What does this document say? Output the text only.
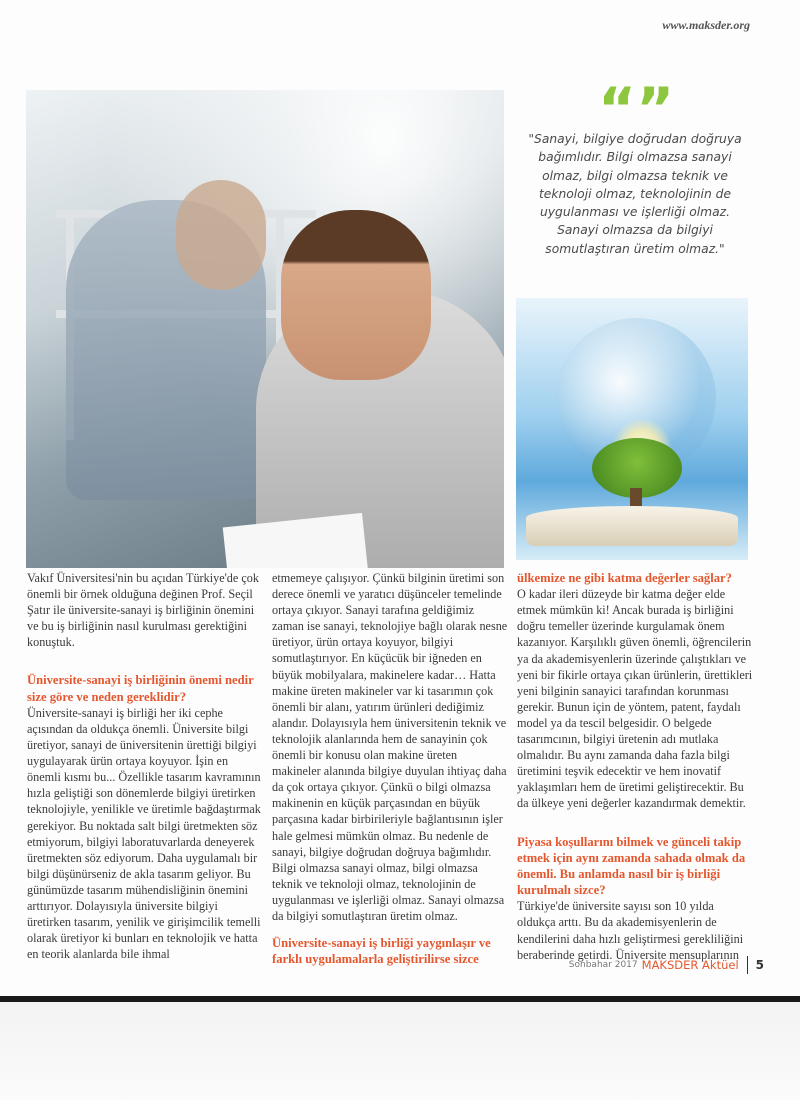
www.maksder.org
“”
"Sanayi, bilgiye doğrudan doğruya bağımlıdır. Bilgi olmazsa sanayi olmaz, bilgi olmazsa teknik ve teknoloji olmaz, teknolojinin de uygulanması ve işlerliği olmaz. Sanayi olmazsa da bilgiyi somutlaştıran üretim olmaz."

Vakıf Üniversitesi'nin bu açıdan Türkiye'de çok önemli bir örnek olduğuna değinen Prof. Seçil Şatır ile üniversite-sanayi iş birliğinin önemini ve bu iş birliğinin nasıl kurulması gerektiğini konuştuk.

Üniversite-sanayi iş birliğinin önemi nedir size göre ve neden gereklidir?

Üniversite-sanayi iş birliği her iki cephe açısından da oldukça önemli. Üniversite bilgi üretiyor, sanayi de üniversitenin ürettiği bilgiyi uygulayarak ürün ortaya koyuyor. İşin en önemli kısmı bu... Özellikle tasarım kavramının hızla geliştiği son dönemlerde bilgiyi üretirken teknolojiyle, yenilikle ve üretimle bağdaştırmak gerekiyor. Bu noktada salt bilgi üretmekten söz etmiyorum, bilgiyi laboratuvarlarda deneyerek üretmekten söz ediyorum. Daha uygulamalı bir bilgi düşünürseniz de akla tasarım geliyor. Bu günümüzde tasarım mühendisliğinin önemini arttırıyor. Dolayısıyla üniversite bilgiyi üretirken tasarım, yenilik ve girişimcilik temelli olarak üretiyor ki bunları en teknolojik ve hatta en teorik alanlarda bile ihmal

etmemeye çalışıyor. Çünkü bilginin üretimi son derece önemli ve yaratıcı düşünceler temelinde ortaya çıkıyor. Sanayi tarafına geldiğimiz zaman ise sanayi, teknolojiye bağlı olarak nesne üretiyor, ürün ortaya koyuyor, bilgiyi somutlaştırıyor. En küçücük bir iğneden en büyük mobilyalara, makinelere kadar… Hatta makine üreten makineler var ki tasarımın çok önemli bir alanı, yatırım ürünleri dediğimiz alandır. Dolayısıyla hem üniversitenin teknik ve teknolojik alanlarında hem de sanayinin çok önemli bir konusu olan makine üreten makineler alanında bilgiye duyulan ihtiyaç daha da çok ortaya çıkıyor. Çünkü o bilgi olmazsa makinenin en küçük parçasından en büyük parçasına kadar birbirileriyle bağlantısının işler hale gelmesi mümkün olmaz. Bu nedenle de sanayi, bilgiye doğrudan doğruya bağımlıdır. Bilgi olmazsa sanayi olmaz, bilgi olmazsa teknik ve teknoloji olmaz, teknolojinin de uygulanması ve işlerliği olmaz. Sanayi olmazsa da bilgiyi somutlaştıran üretim olmaz.

Üniversite-sanayi iş birliği yaygınlaşır ve farklı uygulamalarla geliştirilirse sizce

ülkemize ne gibi katma değerler sağlar?

O kadar ileri düzeyde bir katma değer elde etmek mümkün ki! Ancak burada iş birliğini doğru temeller üzerinde kurgulamak önem kazanıyor. Karşılıklı güven önemli, öğrencilerin ya da akademisyenlerin üzerinde çalıştıkları ve yeni bir fikirle ortaya çıkan ürünlerin, ürettikleri yeni bilginin sanayici tarafından korunması gerekir. Bunun için de yöntem, patent, faydalı model ya da tescil belgesidir. O belgede tasarımcının, bilgiyi üretenin adı mutlaka olmalıdır. Bu aynı zamanda daha fazla bilgi üretimini teşvik edecektir ve hem inovatif yaklaşımları hem de üretimi geliştirecektir. Bu da ülkeye yeni değerler kazandırmak demektir.

Piyasa koşullarını bilmek ve günceli takip etmek için aynı zamanda sahada olmak da önemli. Bu anlamda nasıl bir iş birliği kurulmalı sizce?

Türkiye'de üniversite sayısı son 10 yılda oldukça arttı. Bu da akademisyenlerin de kendilerini daha hızlı geliştirmesi gerekliliğini beraberinde getirdi. Üniversite mensuplarının

Sonbahar 2017 MAKSDER Aktüel 5
